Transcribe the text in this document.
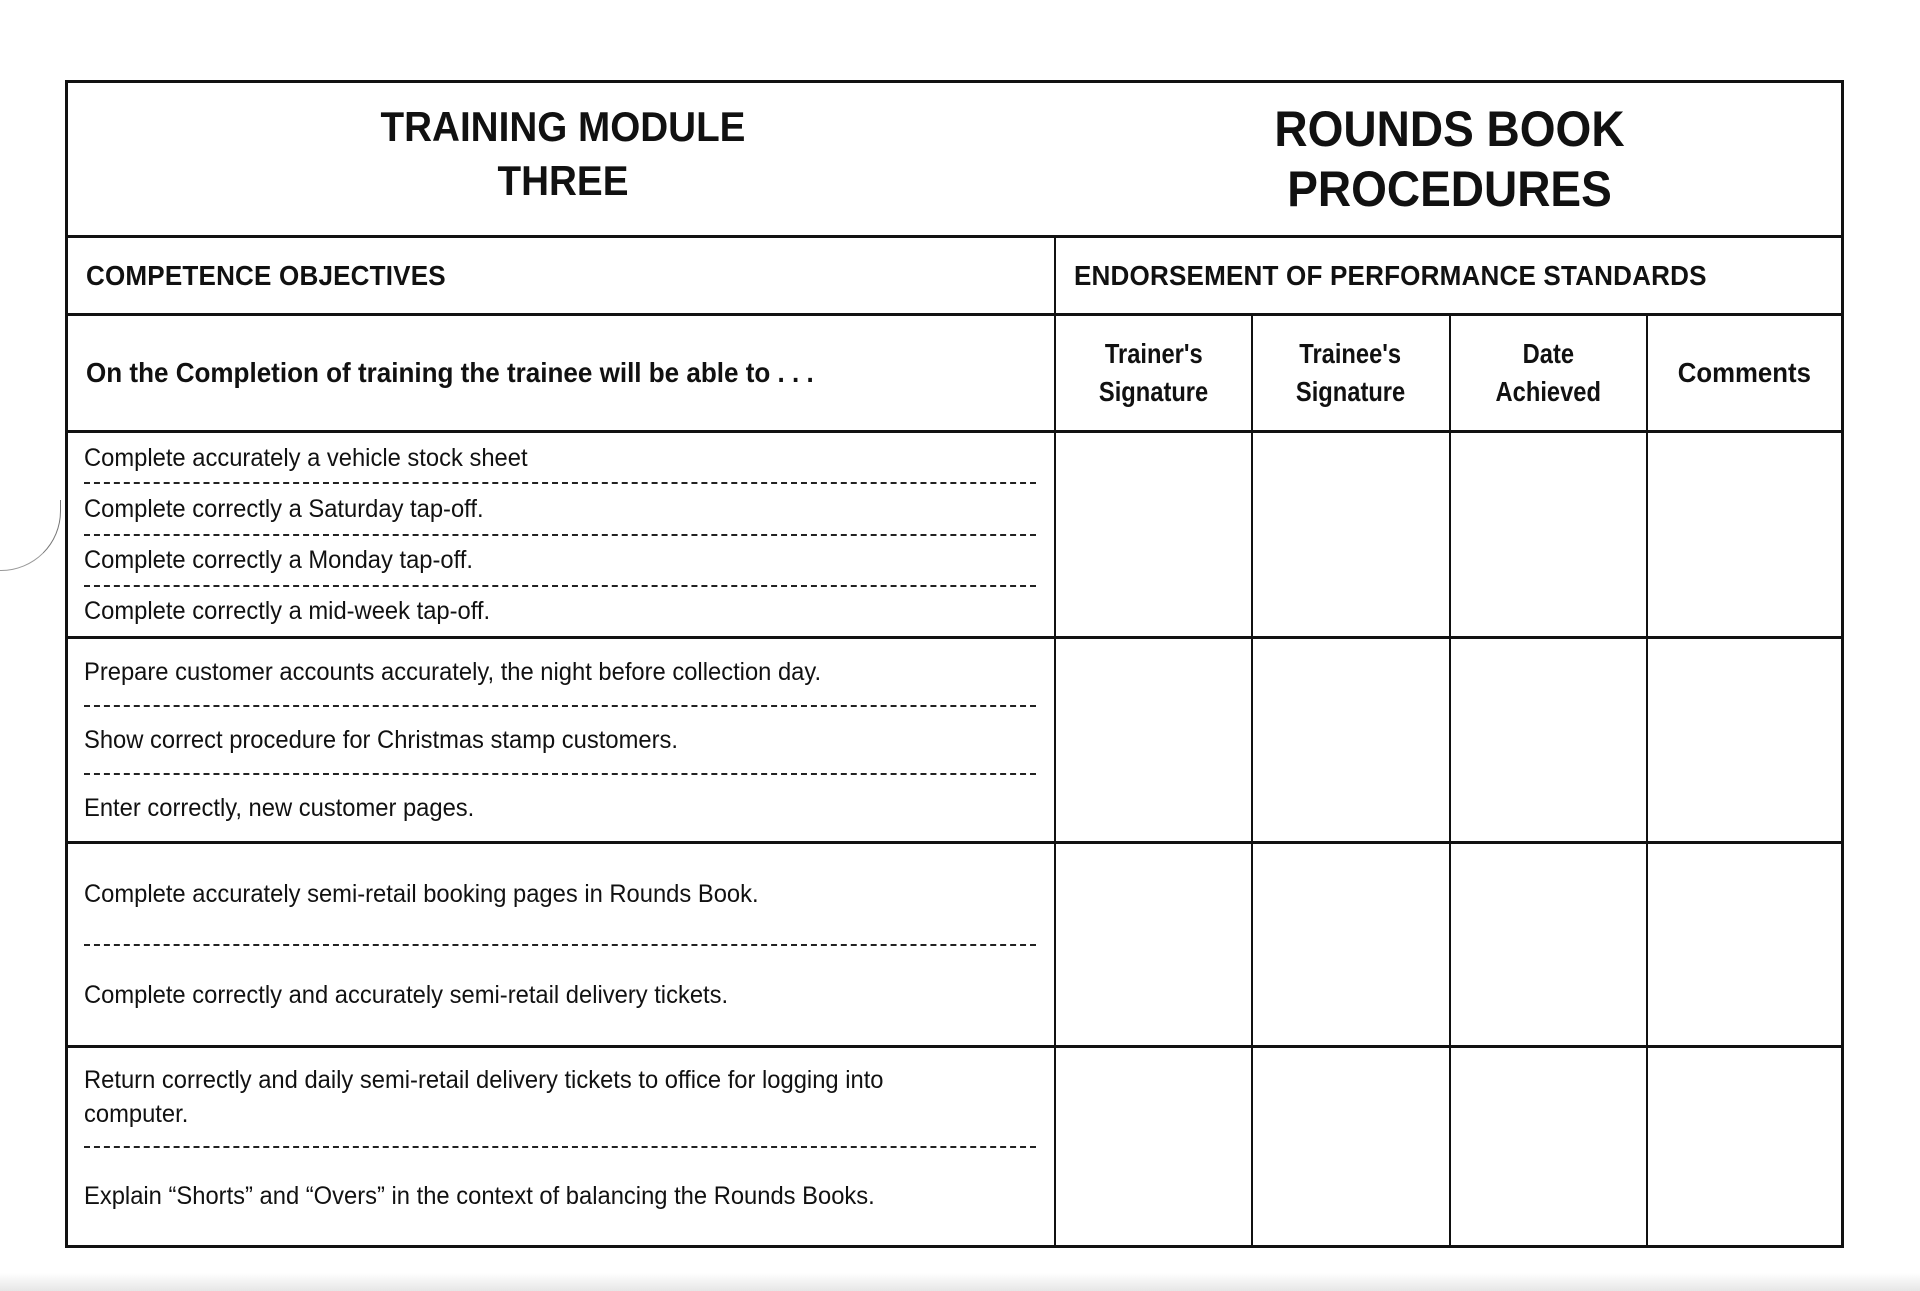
TRAINING MODULE
THREE
ROUNDS BOOK
PROCEDURES
COMPETENCE OBJECTIVES	ENDORSEMENT OF PERFORMANCE STANDARDS
On the Completion of training the trainee will be able to . . .
Trainer's
Signature
Trainee's
Signature
Date
Achieved
Comments
Complete accurately a vehicle stock sheet
Complete correctly a Saturday tap-off.
Complete correctly a Monday tap-off.
Complete correctly a mid-week tap-off.
Prepare customer accounts accurately, the night before collection day.
Show correct procedure for Christmas stamp customers.
Enter correctly, new customer pages.
Complete accurately semi-retail booking pages in Rounds Book.
Complete correctly and accurately semi-retail delivery tickets.
Return correctly and daily semi-retail delivery tickets to office for logging into computer.
Explain “Shorts” and “Overs” in the context of balancing the Rounds Books.
